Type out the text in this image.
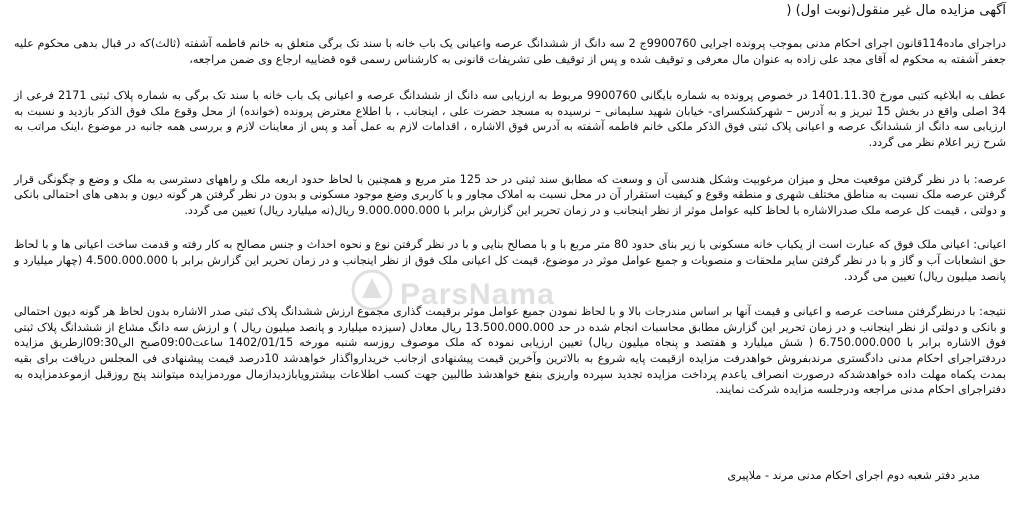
آگهی مزایده مال غیر منقول(نوبت اول) (

دراجرای ماده114قانون اجرای احکام مدنی بموجب پرونده اجرایی 9900760ج 2 سه دانگ از ششدانگ عرصه واعیانی یک باب خانه با سند تک برگی متعلق به خانم فاطمه آشفته (ثالث)که در قبال بدهی محکوم علیه جعفر آشفته به محکوم له آقای مجد علی زاده به عنوان مال معرفی و توقیف شده و پس از توقیف طی تشریفات قانونی به کارشناس رسمی قوه قضاییه ارجاع وی ضمن مراجعه،

عطف به ابلاغیه کتبی مورخ 1401.11.30 در خصوص پرونده به شماره بایگانی 9900760 مربوط به ارزیابی سه دانگ از ششدانگ عرصه و اعیانی یک باب خانه با سند تک برگی به شماره پلاک ثبتی 2171 فرعی از 34 اصلی واقع در بخش 15 تبریز و به آدرس – شهرکشکسرای- خیابان شهید سلیمانی – نرسیده به مسجد حضرت علی ، اینجانب ، با اطلاع معترض پرونده (خوانده) از محل وقوع ملک فوق الذکر بازدید و نسبت به ارزیابی سه دانگ از ششدانگ عرصه و اعیانی پلاک ثبتی فوق الذکر ملکی خانم فاطمه آشفته به آدرس فوق الاشاره ، اقدامات لازم به عمل آمد و پس از معاینات لازم و بررسی همه جانبه در موضوع ،اینک مراتب به شرح زیر اعلام نظر می گردد.

عرصه: با در نظر گرفتن موقعیت محل و میزان مرغوبیت وشکل هندسی آن و وسعت که مطابق سند ثبتی در حد 125 متر مربع و همچنین با لحاظ حدود اربعه ملک و راههای دسترسی به ملک و وضع و چگونگی قرار گرفتن عرصه ملک نسبت به مناطق مختلف شهری و منطقه وقوع و کیفیت استقرار آن در محل نسبت به املاک مجاور و با کاربری وضع موجود مسکونی و بدون در نظر گرفتن هر گونه دیون و بدهی های احتمالی بانکی و دولتی ، قیمت کل عرصه ملک صدرالاشاره با لحاظ کلیه عوامل موثر از نظر اینجانب و در زمان تحریر این گزارش برابر با 9.000.000.000 ریال(نه میلیارد ریال) تعیین می گردد.

اعیانی: اعیانی ملک فوق که عبارت است از یکباب خانه مسکونی با زیر بنای حدود 80 متر مربع با و با مصالح بنایی و با در نظر گرفتن نوع و نحوه احداث و جنس مصالح به کار رفته و قدمت ساخت اعیانی ها و با لحاظ حق انشعابات آب و گاز و با در نظر گرفتن سایر ملحقات و منصوبات و جمیع عوامل موثر در موضوع، قیمت کل اعیانی ملک فوق از نظر اینجانب و در زمان تحریر این گزارش برابر با 4.500.000.000 (چهار میلیارد و پانصد میلیون ریال) تعیین می گردد.

نتیجه: با درنظرگرفتن مساحت عرصه و اعیانی و قیمت آنها بر اساس مندرجات بالا و با لحاظ نمودن جمیع عوامل موثر برقیمت گذاری مجموع ارزش ششدانگ پلاک ثبتی صدر الاشاره بدون لحاظ هر گونه دیون احتمالی و بانکی و دولتی از نظر اینجانب و در زمان تحریر این گزارش مطابق محاسبات انجام شده در حد 13.500.000.000 ریال معادل (سیزده میلیارد و پانصد میلیون ریال ) و ارزش سه دانگ مشاع از ششدانگ پلاک ثبتی فوق الاشاره برابر با 6.750.000.000 ( شش میلیارد و هفتصد و پنجاه میلیون ریال) تعیین ارزیابی نموده که ملک موصوف روزسه شنبه مورخه 1402/01/15 ساعت09:00صبح الی09:30ازطریق مزایده دردفتراجرای احکام مدنی دادگستری مرندبفروش خواهدرفت مزایده ازقیمت پایه شروع به بالاترین وآخرین قیمت پیشنهادی ازجانب خریدارواگذار خواهدشد 10درصد قیمت پیشنهادی فی المجلس دریافت برای بقیه بمدت یکماه مهلت داده خواهدشدکه درصورت انصراف یاعدم پرداخت مزایده تجدید سپرده واریزی بنفع خواهدشد طالبین جهت کسب اطلاعات بیشترویابازدیدازمال موردمزایده میتوانند پنج روزقبل ازموعدمزایده به دفتراجرای احکام مدنی مراجعه ودرجلسه مزایده شرکت نمایند.

مدیر دفتر شعبه دوم اجرای احکام مدنی مرند - ملاپیری

ParsNama
